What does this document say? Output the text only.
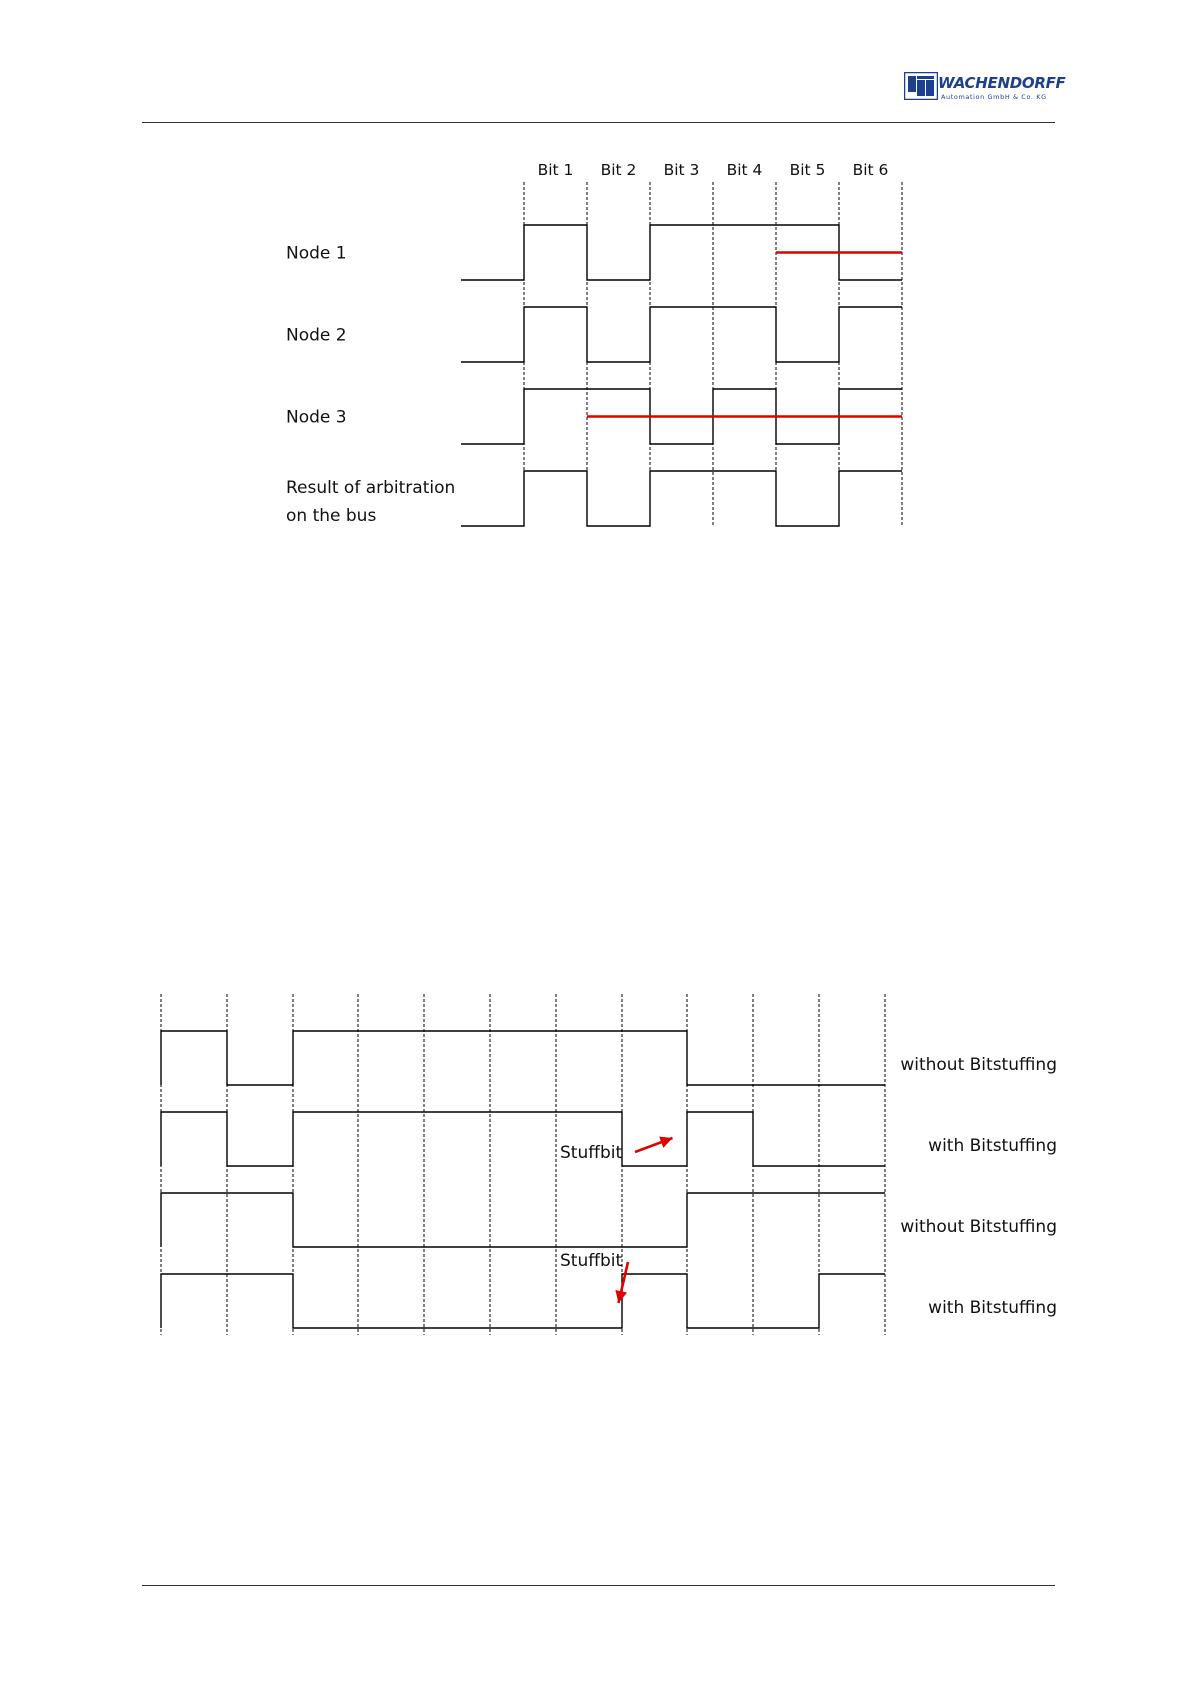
WACHENDORFF
Automation GmbH & Co. KG
Bit 1 Bit 2 Bit 3 Bit 4 Bit 5 Bit 6
Node 1
Node 2
Node 3
Result of arbitration
on the bus
without Bitstuffing
with Bitstuffing
Stuffbit
without Bitstuffing
with Bitstuffing
Stuffbit
